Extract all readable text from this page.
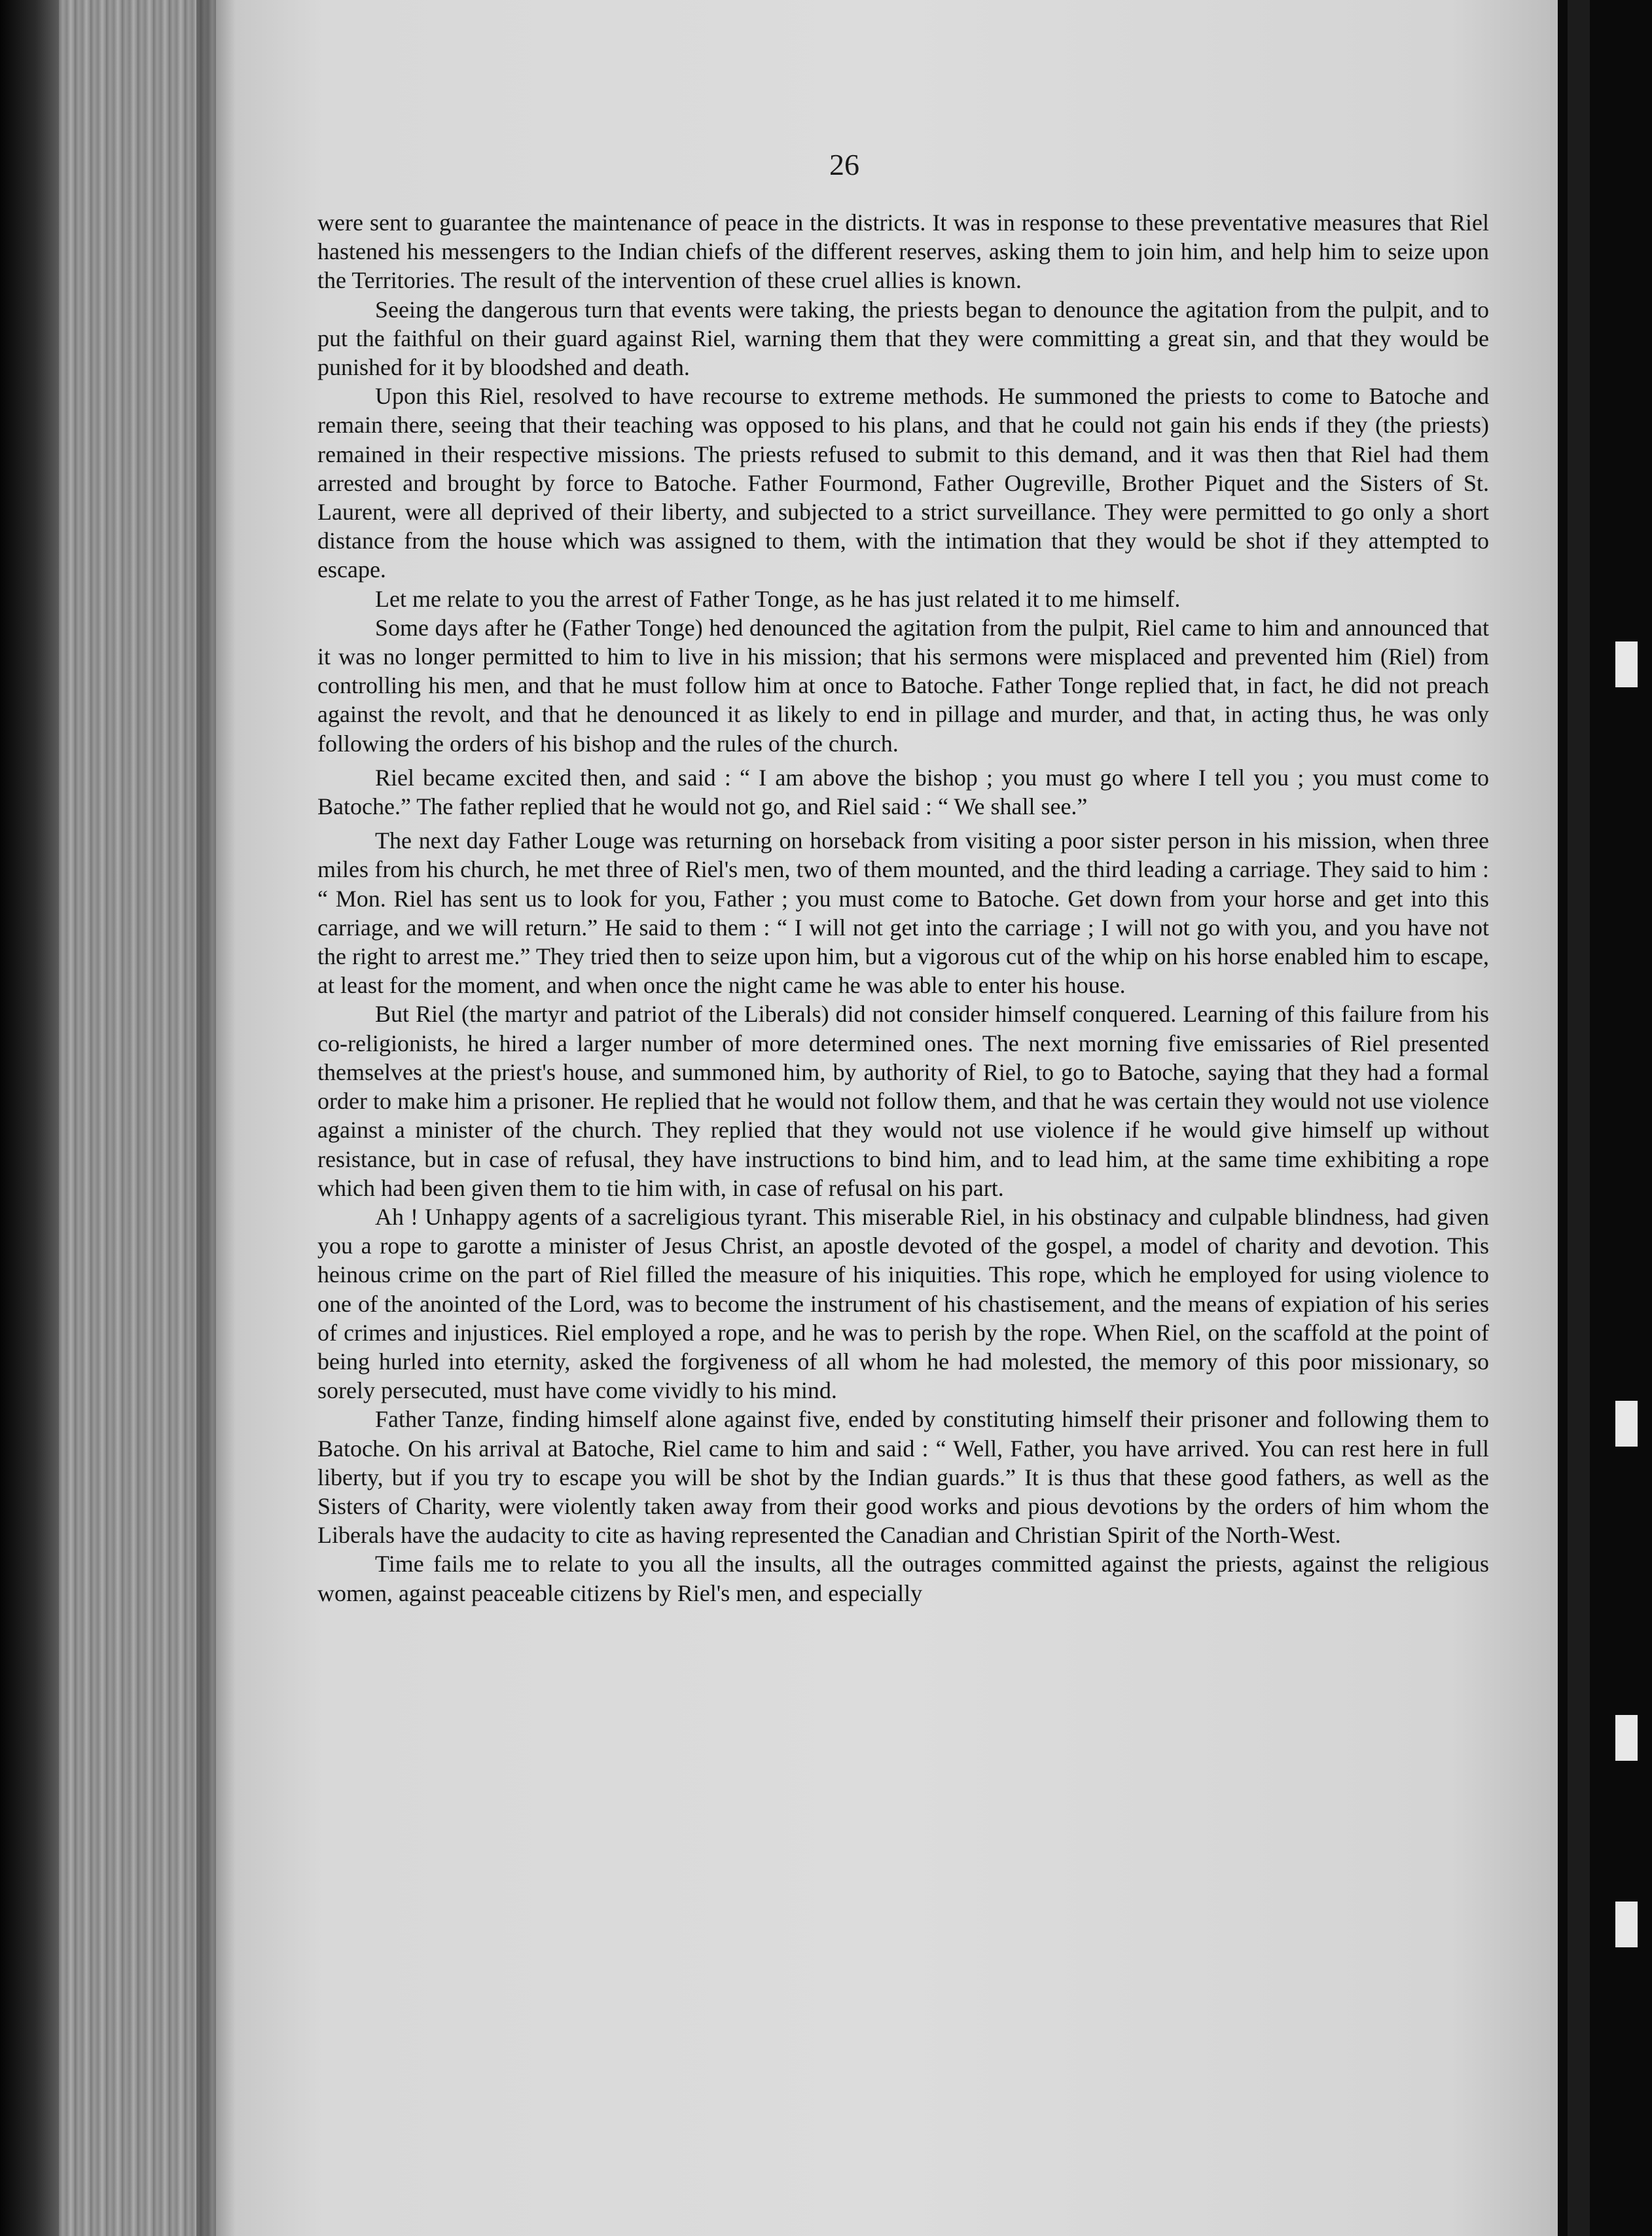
26

were sent to guarantee the maintenance of peace in the districts. It was in response to these preventative measures that Riel hastened his messengers to the Indian chiefs of the different reserves, asking them to join him, and help him to seize upon the Territories. The result of the intervention of these cruel allies is known.

Seeing the dangerous turn that events were taking, the priests began to denounce the agitation from the pulpit, and to put the faithful on their guard against Riel, warning them that they were committing a great sin, and that they would be punished for it by bloodshed and death.

Upon this Riel, resolved to have recourse to extreme methods. He summoned the priests to come to Batoche and remain there, seeing that their teaching was opposed to his plans, and that he could not gain his ends if they (the priests) remained in their respective missions. The priests refused to submit to this demand, and it was then that Riel had them arrested and brought by force to Batoche. Father Fourmond, Father Ougreville, Brother Piquet and the Sisters of St. Laurent, were all deprived of their liberty, and subjected to a strict surveillance. They were permitted to go only a short distance from the house which was assigned to them, with the intimation that they would be shot if they attempted to escape.

Let me relate to you the arrest of Father Tonge, as he has just related it to me himself.

Some days after he (Father Tonge) hed denounced the agitation from the pulpit, Riel came to him and announced that it was no longer permitted to him to live in his mission; that his sermons were misplaced and prevented him (Riel) from controlling his men, and that he must follow him at once to Batoche. Father Tonge replied that, in fact, he did not preach against the revolt, and that he denounced it as likely to end in pillage and murder, and that, in acting thus, he was only following the orders of his bishop and the rules of the church.

Riel became excited then, and said : “ I am above the bishop ; you must go where I tell you ; you must come to Batoche.” The father replied that he would not go, and Riel said : “ We shall see.”

The next day Father Louge was returning on horseback from visiting a poor sister person in his mission, when three miles from his church, he met three of Riel's men, two of them mounted, and the third leading a carriage. They said to him : “ Mon. Riel has sent us to look for you, Father ; you must come to Batoche. Get down from your horse and get into this carriage, and we will return.” He said to them : “ I will not get into the carriage ; I will not go with you, and you have not the right to arrest me.” They tried then to seize upon him, but a vigorous cut of the whip on his horse enabled him to escape, at least for the moment, and when once the night came he was able to enter his house.

But Riel (the martyr and patriot of the Liberals) did not consider himself conquered. Learning of this failure from his co-religionists, he hired a larger number of more determined ones. The next morning five emissaries of Riel presented themselves at the priest's house, and summoned him, by authority of Riel, to go to Batoche, saying that they had a formal order to make him a prisoner. He replied that he would not follow them, and that he was certain they would not use violence against a minister of the church. They replied that they would not use violence if he would give himself up without resistance, but in case of refusal, they have instructions to bind him, and to lead him, at the same time exhibiting a rope which had been given them to tie him with, in case of refusal on his part.

Ah ! Unhappy agents of a sacreligious tyrant. This miserable Riel, in his obstinacy and culpable blindness, had given you a rope to garotte a minister of Jesus Christ, an apostle devoted of the gospel, a model of charity and devotion. This heinous crime on the part of Riel filled the measure of his iniquities. This rope, which he employed for using violence to one of the anointed of the Lord, was to become the instrument of his chastisement, and the means of expiation of his series of crimes and injustices. Riel employed a rope, and he was to perish by the rope. When Riel, on the scaffold at the point of being hurled into eternity, asked the forgiveness of all whom he had molested, the memory of this poor missionary, so sorely persecuted, must have come vividly to his mind.

Father Tanze, finding himself alone against five, ended by constituting himself their prisoner and following them to Batoche. On his arrival at Batoche, Riel came to him and said : “ Well, Father, you have arrived. You can rest here in full liberty, but if you try to escape you will be shot by the Indian guards.” It is thus that these good fathers, as well as the Sisters of Charity, were violently taken away from their good works and pious devotions by the orders of him whom the Liberals have the audacity to cite as having represented the Canadian and Christian Spirit of the North-West.

Time fails me to relate to you all the insults, all the outrages committed against the priests, against the religious women, against peaceable citizens by Riel's men, and especially
